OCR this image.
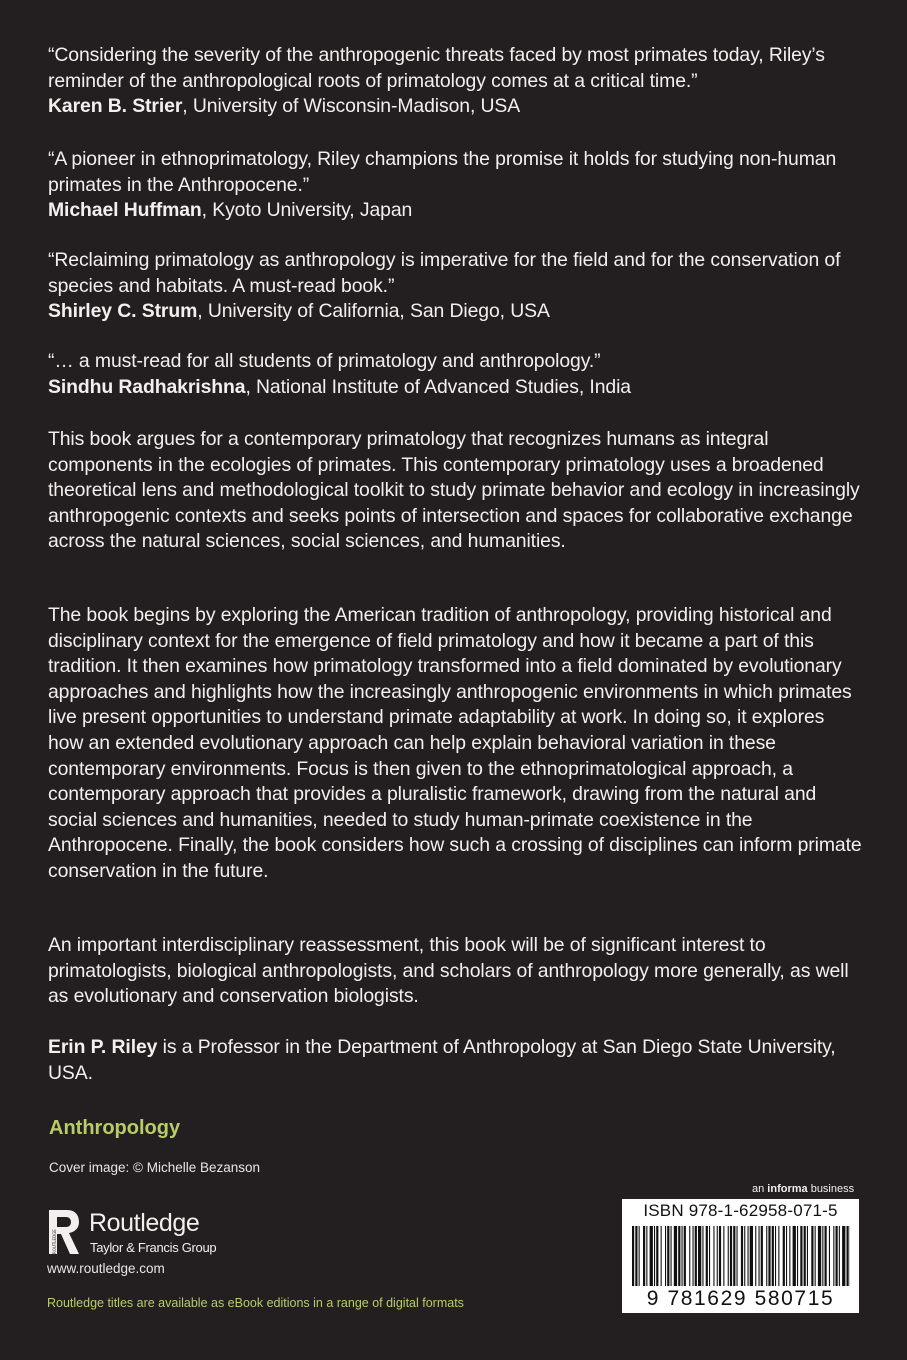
“Considering the severity of the anthropogenic threats faced by most primates today, Riley’s reminder of the anthropological roots of primatology comes at a critical time.”
Karen B. Strier, University of Wisconsin-Madison, USA
“A pioneer in ethnoprimatology, Riley champions the promise it holds for studying non-human primates in the Anthropocene.”
Michael Huffman, Kyoto University, Japan
“Reclaiming primatology as anthropology is imperative for the field and for the conservation of species and habitats. A must-read book.”
Shirley C. Strum, University of California, San Diego, USA
“… a must-read for all students of primatology and anthropology.”
Sindhu Radhakrishna, National Institute of Advanced Studies, India

This book argues for a contemporary primatology that recognizes humans as integral components in the ecologies of primates. This contemporary primatology uses a broadened theoretical lens and methodological toolkit to study primate behavior and ecology in increasingly anthropogenic contexts and seeks points of intersection and spaces for collaborative exchange across the natural sciences, social sciences, and humanities.

The book begins by exploring the American tradition of anthropology, providing historical and disciplinary context for the emergence of field primatology and how it became a part of this tradition. It then examines how primatology transformed into a field dominated by evolutionary approaches and highlights how the increasingly anthropogenic environments in which primates live present opportunities to understand primate adaptability at work. In doing so, it explores how an extended evolutionary approach can help explain behavioral variation in these contemporary environments. Focus is then given to the ethnoprimatological approach, a contemporary approach that provides a pluralistic framework, drawing from the natural and social sciences and humanities, needed to study human-primate coexistence in the Anthropocene. Finally, the book considers how such a crossing of disciplines can inform primate conservation in the future.

An important interdisciplinary reassessment, this book will be of significant interest to primatologists, biological anthropologists, and scholars of anthropology more generally, as well as evolutionary and conservation biologists.

Erin P. Riley is a Professor in the Department of Anthropology at San Diego State University, USA.

Anthropology
Cover image: © Michelle Bezanson
ROUTLEDGE
Routledge
Taylor & Francis Group
www.routledge.com
Routledge titles are available as eBook editions in a range of digital formats
an informa business
ISBN 978-1-62958-071-5
9 781629 580715
